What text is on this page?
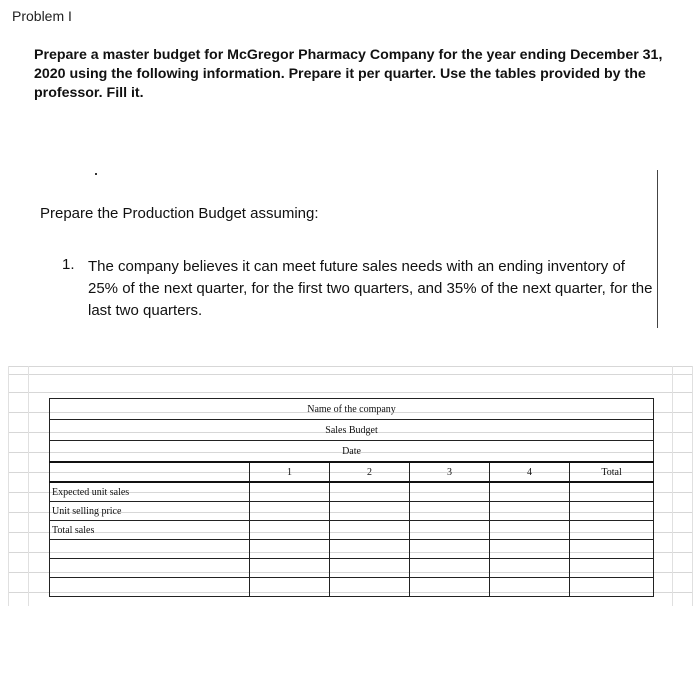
Problem I
Prepare a master budget for McGregor Pharmacy Company for the year ending December 31, 2020 using the following information. Prepare it per quarter. Use the tables provided by the professor. Fill it.
Prepare the Production Budget assuming:
1. The company believes it can meet future sales needs with an ending inventory of 25% of the next quarter, for the first two quarters, and 35% of the next quarter, for the last two quarters.
Name of the company					
Sales Budget					
Date					
	1	2	3	4	Total
Expected unit sales					
Unit selling price					
Total sales					
